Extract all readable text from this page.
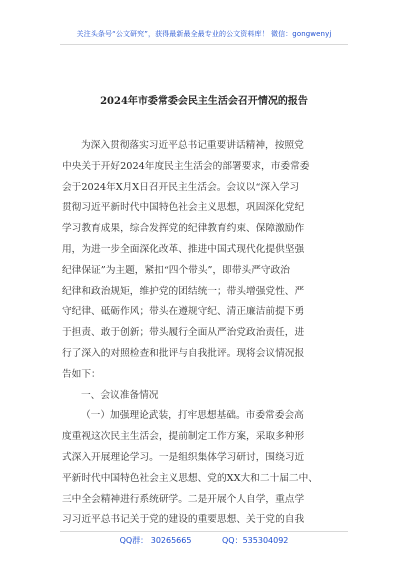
关注头条号“公文研究”，获得最新最全最专业的公文资料库！ 微信：gongwenyj
2024年市委常委会民主生活会召开情况的报告
为深入贯彻落实习近平总书记重要讲话精神，按照党
中央关于开好2024年度民主生活会的部署要求，市委常委
会于2024年X月X日召开民主生活会。会议以“深入学习
贯彻习近平新时代中国特色社会主义思想，巩固深化党纪
学习教育成果，综合发挥党的纪律教育约束、保障激励作
用，为进一步全面深化改革、推进中国式现代化提供坚强
纪律保证”为主题，紧扣“四个带头”，即带头严守政治
纪律和政治规矩，维护党的团结统一；带头增强党性、严
守纪律、砥砺作风；带头在遵规守纪、清正廉洁前提下勇
于担责、敢于创新；带头履行全面从严治党政治责任，进
行了深入的对照检查和批评与自我批评。现将会议情况报
告如下：
一、会议准备情况
（一）加强理论武装，打牢思想基础。市委常委会高
度重视这次民主生活会，提前制定工作方案，采取多种形
式深入开展理论学习。一是组织集体学习研讨，围绕习近
平新时代中国特色社会主义思想、党的XX大和二十届二中、
三中全会精神进行系统研学。二是开展个人自学，重点学
习习近平总书记关于党的建设的重要思想、关于党的自我
QQ群： 30265665	QQ：535304092
